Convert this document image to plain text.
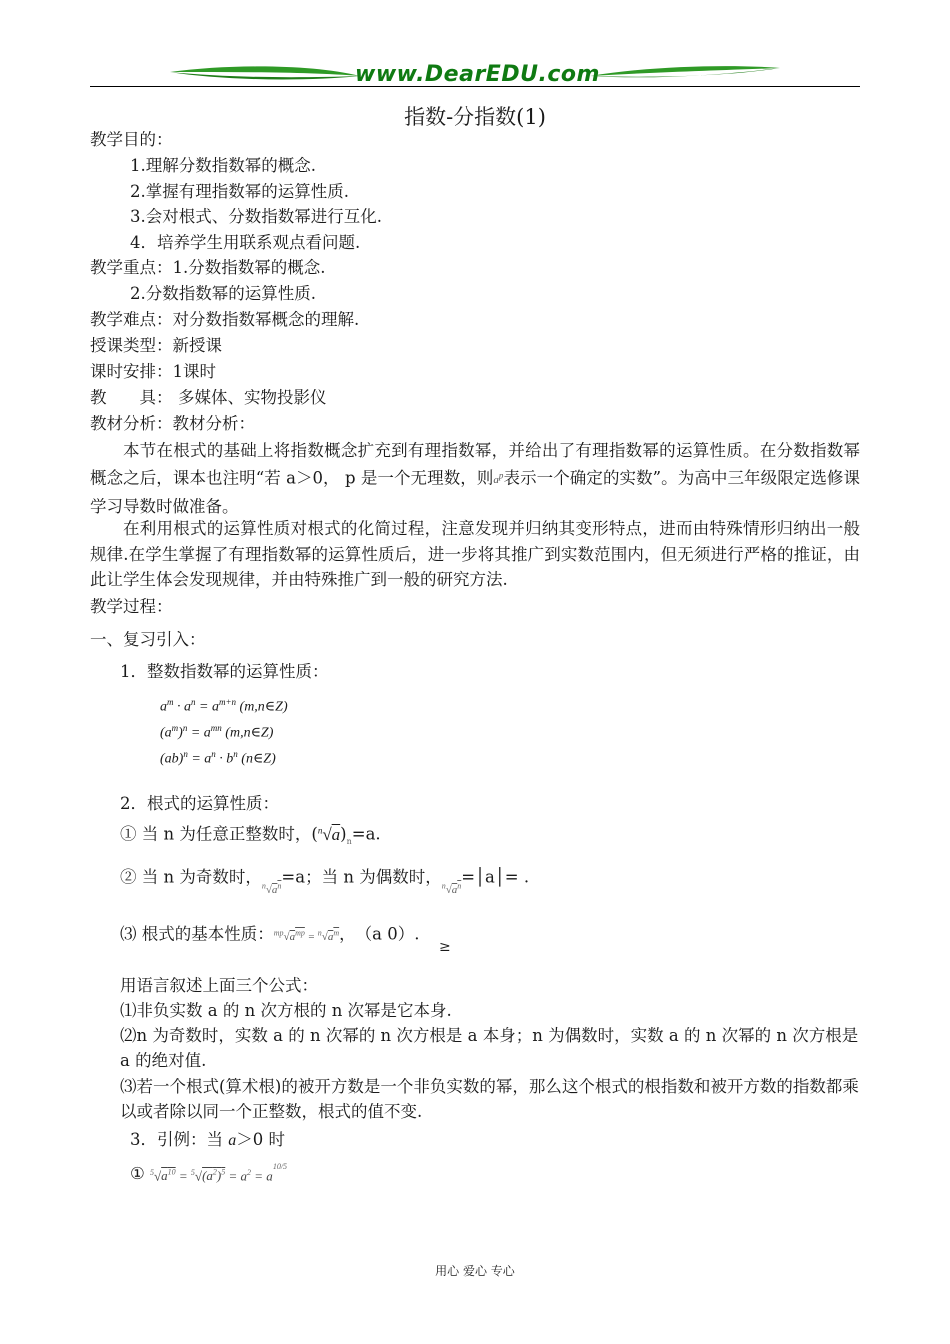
www.DearEDU.com
指数-分指数(1)
教学目的：
1.理解分数指数幂的概念.
2.掌握有理指数幂的运算性质.
3.会对根式、分数指数幂进行互化.
4．培养学生用联系观点看问题.
教学重点：1.分数指数幂的概念.
2.分数指数幂的运算性质.
教学难点：对分数指数幂概念的理解.
授课类型：新授课
课时安排：1课时
教　　具： 多媒体、实物投影仪
教材分析：教材分析：
本节在根式的基础上将指数概念扩充到有理指数幂，并给出了有理指数幂的运算性质。在分数指数幂概念之后，课本也注明“若 a＞0， p 是一个无理数，则$a^p$表示一个确定的实数”。为高中三年级限定选修课学习导数时做准备。
在利用根式的运算性质对根式的化简过程，注意发现并归纳其变形特点，进而由特殊情形归纳出一般规律.在学生掌握了有理指数幂的运算性质后，进一步将其推广到实数范围内，但无须进行严格的推证，由此让学生体会发现规律，并由特殊推广到一般的研究方法.
教学过程：
一、复习引入：
1．整数指数幂的运算性质：
$a^m \cdot a^n = a^{m+n}$ (m,n∈Z)
$(a^m)^n = a^{mn}$ (m,n∈Z)
$(ab)^n = a^n \cdot b^n$ (n∈Z)
2．根式的运算性质：
① 当 n 为任意正整数时，$(^n√a)_n=a$.
② 当 n 为奇数时，$_{^n√a^n}$=a；当 n 为偶数时，$_{^n√a^n}$=│a│= .
⑶ 根式的基本性质：$^{mp}√a^{mp} = ^n√a^m$，　 （a 0）.
≥
用语言叙述上面三个公式：
⑴非负实数 a 的 n 次方根的 n 次幂是它本身.
⑵n 为奇数时，实数 a 的 n 次幂的 n 次方根是 a 本身；n 为偶数时，实数 a 的 n 次幂的 n 次方根是 a 的绝对值.
⑶若一个根式(算术根)的被开方数是一个非负实数的幂，那么这个根式的根指数和被开方数的指数都乘以或者除以同一个正整数，根式的值不变.
3．引例：当 a＞0 时
① $^5√a^{10} = ^5√(a^2)^5 = a^2 = a^{10/5}$
用心 爱心 专心
